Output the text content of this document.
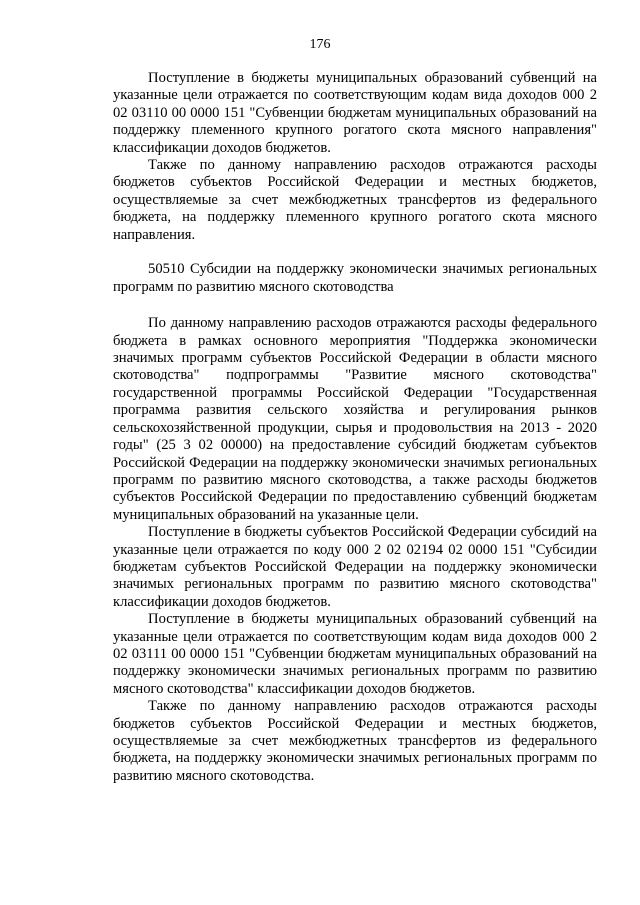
176

Поступление в бюджеты муниципальных образований субвенций на указанные цели отражается по соответствующим кодам вида доходов 000 2 02 03110 00 0000 151 "Субвенции бюджетам муниципальных образований на поддержку племенного крупного рогатого скота мясного направления" классификации доходов бюджетов.

Также по данному направлению расходов отражаются расходы бюджетов субъектов Российской Федерации и местных бюджетов, осуществляемые за счет межбюджетных трансфертов из федерального бюджета, на поддержку племенного крупного рогатого скота мясного направления.

50510 Субсидии на поддержку экономически значимых региональных программ по развитию мясного скотоводства

По данному направлению расходов отражаются расходы федерального бюджета в рамках основного мероприятия "Поддержка экономически значимых программ субъектов Российской Федерации в области мясного скотоводства" подпрограммы "Развитие мясного скотоводства" государственной программы Российской Федерации "Государственная программа развития сельского хозяйства и регулирования рынков сельскохозяйственной продукции, сырья и продовольствия на 2013 - 2020 годы" (25 3 02 00000) на предоставление субсидий бюджетам субъектов Российской Федерации на поддержку экономически значимых региональных программ по развитию мясного скотоводства, а также расходы бюджетов субъектов Российской Федерации по предоставлению субвенций бюджетам муниципальных образований на указанные цели.

Поступление в бюджеты субъектов Российской Федерации субсидий на указанные цели отражается по коду 000 2 02 02194 02 0000 151 "Субсидии бюджетам субъектов Российской Федерации на поддержку экономически значимых региональных программ по развитию мясного скотоводства" классификации доходов бюджетов.

Поступление в бюджеты муниципальных образований субвенций на указанные цели отражается по соответствующим кодам вида доходов 000 2 02 03111 00 0000 151 "Субвенции бюджетам муниципальных образований на поддержку экономически значимых региональных программ по развитию мясного скотоводства" классификации доходов бюджетов.

Также по данному направлению расходов отражаются расходы бюджетов субъектов Российской Федерации и местных бюджетов, осуществляемые за счет межбюджетных трансфертов из федерального бюджета, на поддержку экономически значимых региональных программ по развитию мясного скотоводства.
